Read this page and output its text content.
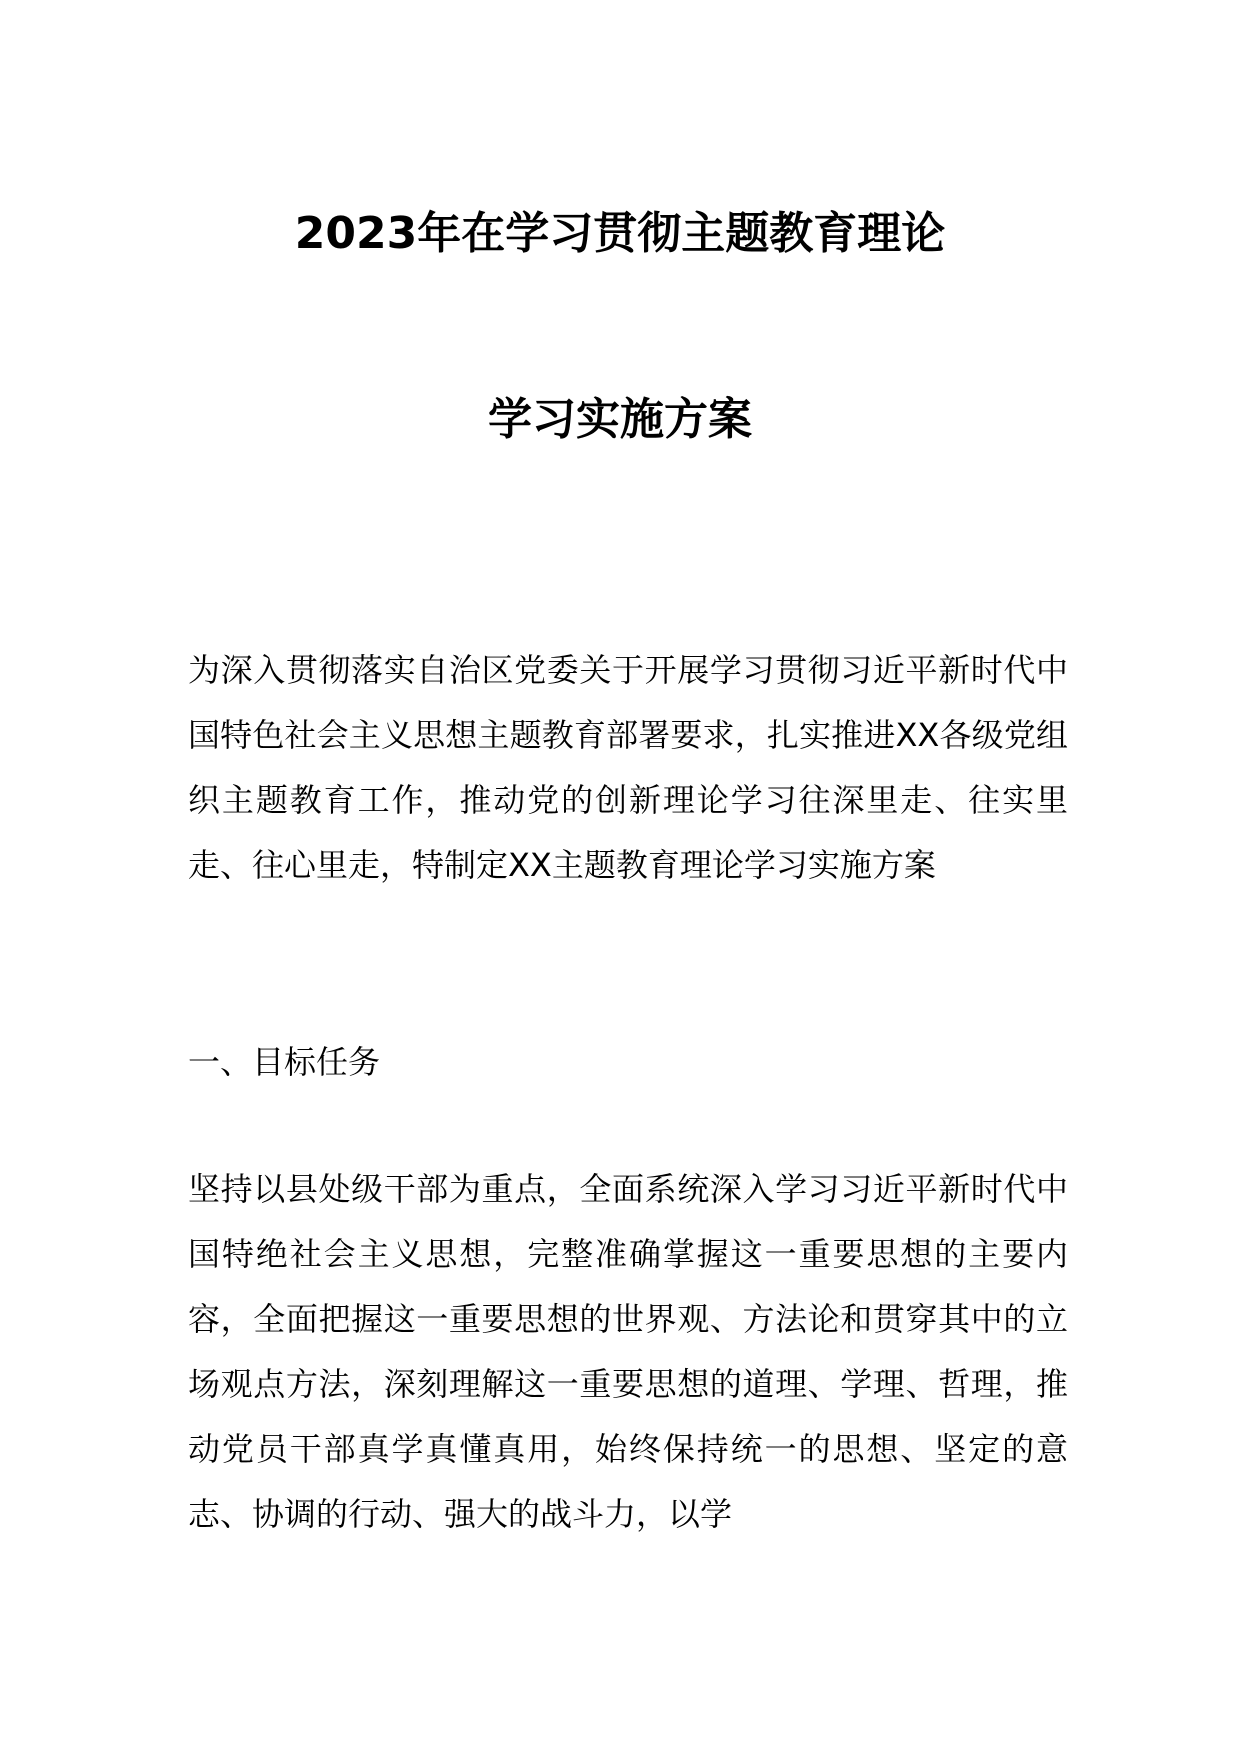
2023年在学习贯彻主题教育理论
学习实施方案

为深入贯彻落实自治区党委关于开展学习贯彻习近平新时代中国特色社会主义思想主题教育部署要求，扎实推进XX各级党组织主题教育工作，推动党的创新理论学习往深里走、往实里走、往心里走，特制定XX主题教育理论学习实施方案

一、目标任务

坚持以县处级干部为重点，全面系统深入学习习近平新时代中国特绝社会主义思想，完整准确掌握这一重要思想的主要内容，全面把握这一重要思想的世界观、方法论和贯穿其中的立场观点方法，深刻理解这一重要思想的道理、学理、哲理，推动党员干部真学真懂真用，始终保持统一的思想、坚定的意志、协调的行动、强大的战斗力，以学
